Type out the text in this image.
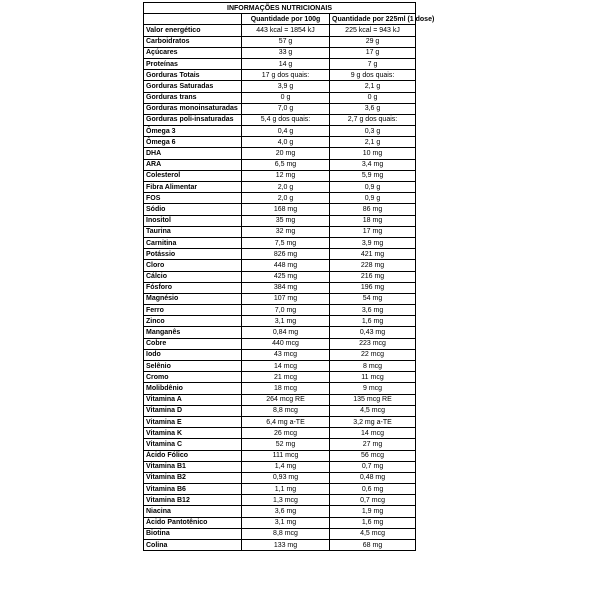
INFORMAÇÕES NUTRICIONAIS		
	Quantidade por 100g	Quantidade por 225ml (1 dose)
Valor energético	443 kcal = 1854 kJ	225 kcal = 943 kJ
Carboidratos	57 g	29 g
Açúcares	33 g	17 g
Proteínas	14 g	7 g
Gorduras Totais	17 g dos quais:	9 g dos quais:
Gorduras Saturadas	3,9 g	2,1 g
Gorduras trans	0 g	0 g
Gorduras monoinsaturadas	7,0 g	3,6 g
Gorduras poli-insaturadas	5,4 g dos quais:	2,7 g dos quais:
Ômega 3	0,4 g	0,3 g
Ômega 6	4,0 g	2,1 g
DHA	20 mg	10 mg
ARA	6,5 mg	3,4 mg
Colesterol	12 mg	5,9 mg
Fibra Alimentar	2,0 g	0,9 g
FOS	2,0 g	0,9 g
Sódio	168 mg	86 mg
Inositol	35 mg	18 mg
Taurina	32 mg	17 mg
Carnitina	7,5 mg	3,9 mg
Potássio	826 mg	421 mg
Cloro	448 mg	228 mg
Cálcio	425 mg	216 mg
Fósforo	384 mg	196 mg
Magnésio	107 mg	54 mg
Ferro	7,0 mg	3,6 mg
Zinco	3,1 mg	1,6 mg
Manganês	0,84 mg	0,43 mg
Cobre	440 mcg	223 mcg
Iodo	43 mcg	22 mcg
Selênio	14 mcg	8 mcg
Cromo	21 mcg	11 mcg
Molibdênio	18 mcg	9 mcg
Vitamina A	264 mcg RE	135 mcg RE
Vitamina D	8,8 mcg	4,5 mcg
Vitamina E	6,4 mg a-TE	3,2 mg a-TE
Vitamina K	26 mcg	14 mcg
Vitamina C	52 mg	27 mg
Ácido Fólico	111 mcg	56 mcg
Vitamina B1	1,4 mg	0,7 mg
Vitamina B2	0,93 mg	0,48 mg
Vitamina B6	1,1 mg	0,6 mg
Vitamina B12	1,3 mcg	0,7 mcg
Niacina	3,6 mg	1,9 mg
Ácido Pantotênico	3,1 mg	1,6 mg
Biotina	8,8 mcg	4,5 mcg
Colina	133 mg	68 mg
